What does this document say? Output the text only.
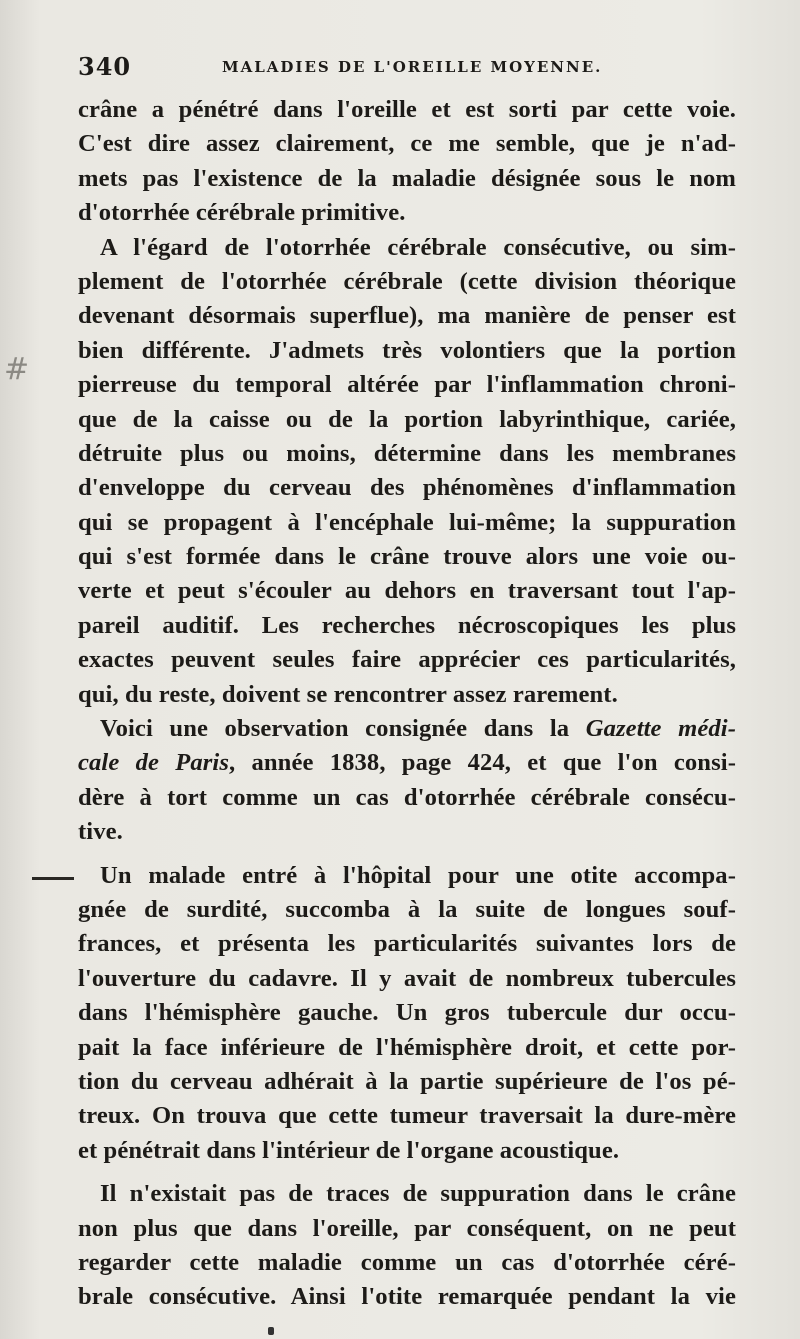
340	MALADIES DE L'OREILLE MOYENNE.
#
crâne a pénétré dans l'oreille et est sorti par cette voie.
C'est dire assez clairement, ce me semble, que je n'ad-
mets pas l'existence de la maladie désignée sous le nom
d'otorrhée cérébrale primitive.
A l'égard de l'otorrhée cérébrale consécutive, ou sim-
plement de l'otorrhée cérébrale (cette division théorique
devenant désormais superflue), ma manière de penser est
bien différente. J'admets très volontiers que la portion
pierreuse du temporal altérée par l'inflammation chroni-
que de la caisse ou de la portion labyrinthique, cariée,
détruite plus ou moins, détermine dans les membranes
d'enveloppe du cerveau des phénomènes d'inflammation
qui se propagent à l'encéphale lui-même; la suppuration
qui s'est formée dans le crâne trouve alors une voie ou-
verte et peut s'écouler au dehors en traversant tout l'ap-
pareil auditif. Les recherches nécroscopiques les plus
exactes peuvent seules faire apprécier ces particularités,
qui, du reste, doivent se rencontrer assez rarement.
Voici une observation consignée dans la Gazette médi-
cale de Paris, année 1838, page 424, et que l'on consi-
dère à tort comme un cas d'otorrhée cérébrale consécu-
tive.
Un malade entré à l'hôpital pour une otite accompa-
gnée de surdité, succomba à la suite de longues souf-
frances, et présenta les particularités suivantes lors de
l'ouverture du cadavre. Il y avait de nombreux tubercules
dans l'hémisphère gauche. Un gros tubercule dur occu-
pait la face inférieure de l'hémisphère droit, et cette por-
tion du cerveau adhérait à la partie supérieure de l'os pé-
treux. On trouva que cette tumeur traversait la dure-mère
et pénétrait dans l'intérieur de l'organe acoustique.
Il n'existait pas de traces de suppuration dans le crâne
non plus que dans l'oreille, par conséquent, on ne peut
regarder cette maladie comme un cas d'otorrhée céré-
brale consécutive. Ainsi l'otite remarquée pendant la vie
